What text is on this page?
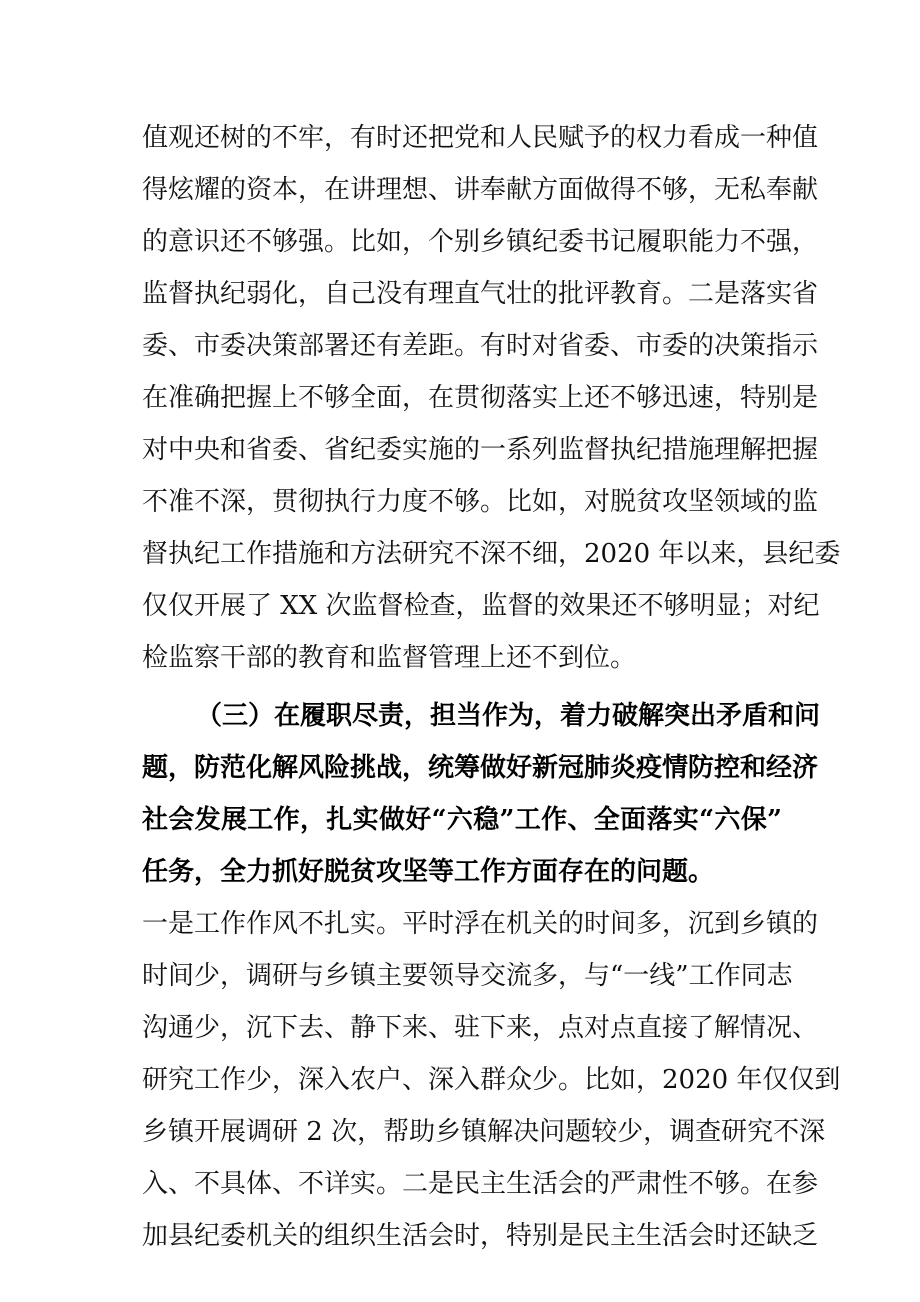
值观还树的不牢，有时还把党和人民赋予的权力看成一种值
得炫耀的资本，在讲理想、讲奉献方面做得不够，无私奉献
的意识还不够强。比如，个别乡镇纪委书记履职能力不强，
监督执纪弱化，自己没有理直气壮的批评教育。二是落实省
委、市委决策部署还有差距。有时对省委、市委的决策指示
在准确把握上不够全面，在贯彻落实上还不够迅速，特别是
对中央和省委、省纪委实施的一系列监督执纪措施理解把握
不准不深，贯彻执行力度不够。比如，对脱贫攻坚领域的监
督执纪工作措施和方法研究不深不细，2020 年以来，县纪委
仅仅开展了 XX 次监督检查，监督的效果还不够明显；对纪
检监察干部的教育和监督管理上还不到位。
（三）在履职尽责，担当作为，着力破解突出矛盾和问
题，防范化解风险挑战，统筹做好新冠肺炎疫情防控和经济
社会发展工作，扎实做好“六稳”工作、全面落实“六保”
任务，全力抓好脱贫攻坚等工作方面存在的问题。
一是工作作风不扎实。平时浮在机关的时间多，沉到乡镇的
时间少，调研与乡镇主要领导交流多，与“一线”工作同志
沟通少，沉下去、静下来、驻下来，点对点直接了解情况、
研究工作少，深入农户、深入群众少。比如，2020 年仅仅到
乡镇开展调研 2 次，帮助乡镇解决问题较少，调查研究不深
入、不具体、不详实。二是民主生活会的严肃性不够。在参
加县纪委机关的组织生活会时，特别是民主生活会时还缺乏
